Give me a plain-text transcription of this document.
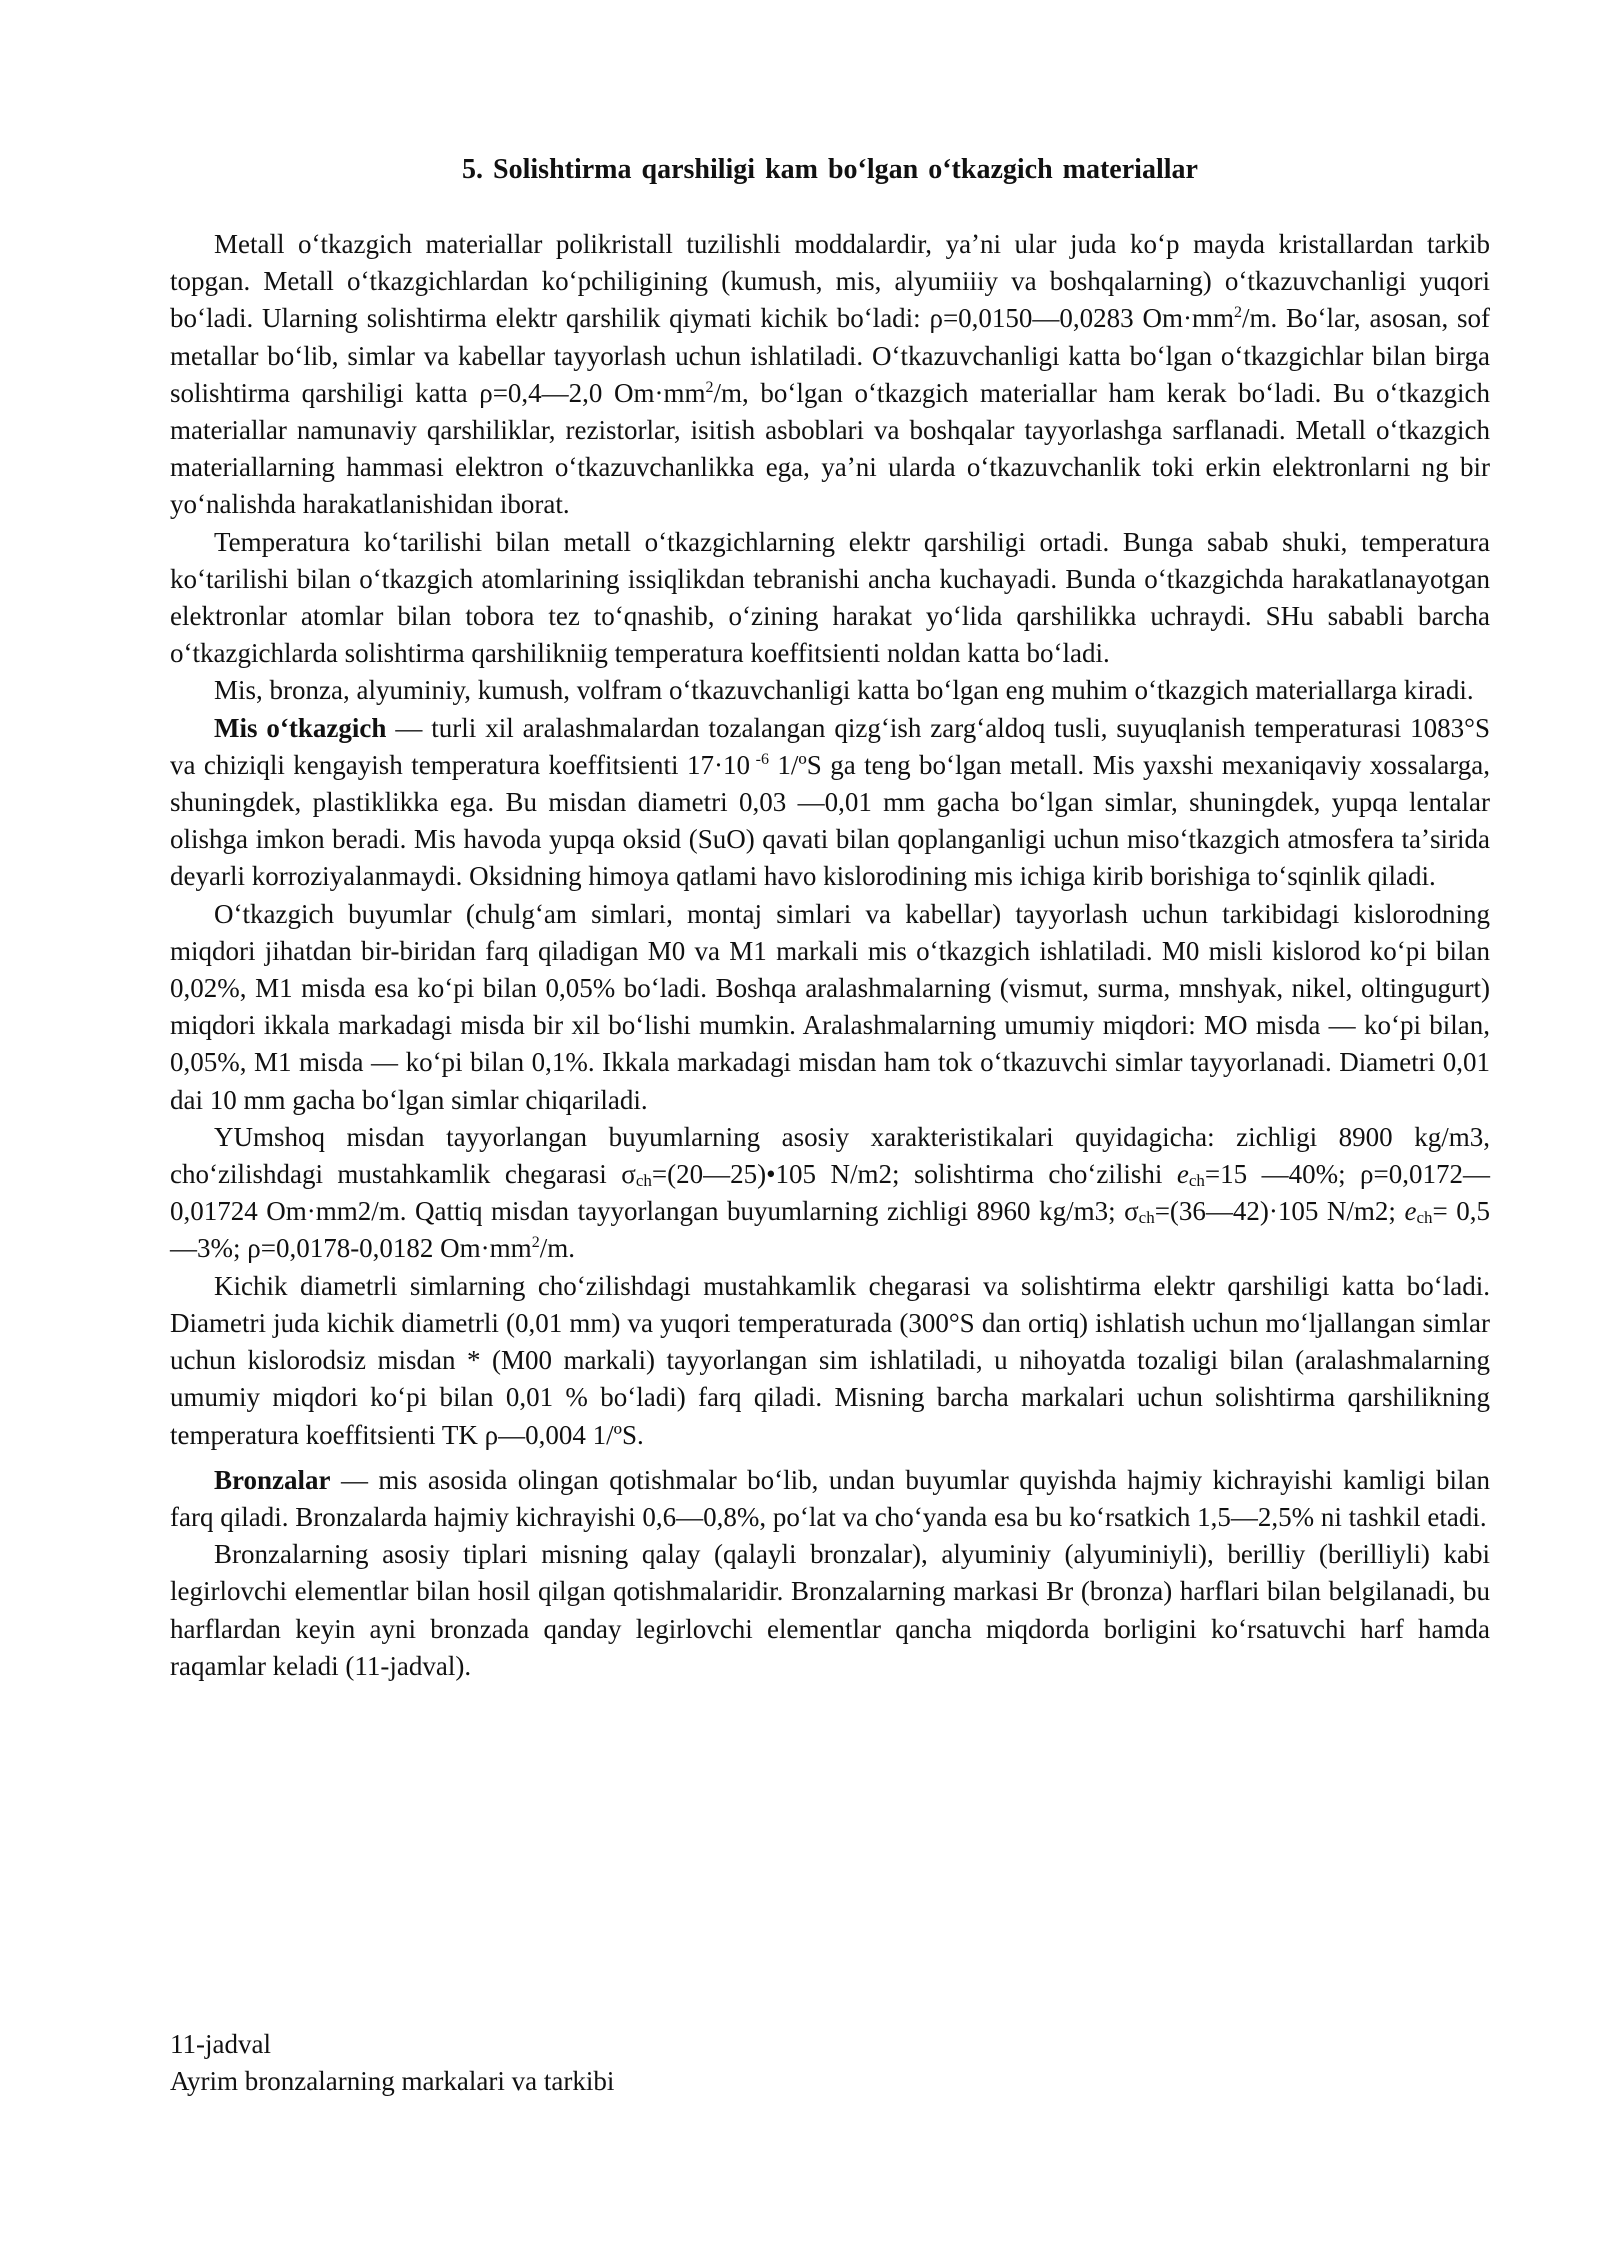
5. Solishtirma qarshiligi kam boʻlgan oʻtkazgich materiallar

Metall oʻtkazgich materiallar polikristall tuzilishli moddalardir, yaʼni ular juda koʻp mayda kristallardan tarkib topgan. Metall oʻtkazgichlardan koʻpchiligining (kumush, mis, alyumiiiy va boshqalarning) oʻtkazuvchanligi yuqori boʻladi. Ularning solishtirma elektr qarshilik qiymati kichik boʻladi: ρ=0,0150—0,0283 $Om\cdot mm^2/m$. Boʻlar, asosan, sof metallar boʻlib, simlar va kabellar tayyorlash uchun ishlatiladi. Oʻtkazuvchanligi katta boʻlgan oʻtkazgichlar bilan birga solishtirma qarshiligi katta ρ=0,4—2,0 $Om\cdot mm^2/m$, boʻlgan oʻtkazgich materiallar ham kerak boʻladi. Bu oʻtkazgich materiallar namunaviy qarshiliklar, rezistorlar, isitish asboblari va boshqalar tayyorlashga sarflanadi. Metall oʻtkazgich materiallarning hammasi elektron oʻtkazuvchanlikka ega, yaʼni ularda oʻtkazuvchanlik toki erkin elektronlarni ng bir yoʻnalishda harakatlanishidan iborat.

Temperatura koʻtarilishi bilan metall oʻtkazgichlarning elektr qarshiligi ortadi. Bunga sabab shuki, temperatura koʻtarilishi bilan oʻtkazgich atomlarining issiqlikdan tebranishi ancha kuchayadi. Bunda oʻtkazgichda harakatlanayotgan elektronlar atomlar bilan tobora tez toʻqnashib, oʻzining harakat yoʻlida qarshilikka uchraydi. SHu sababli barcha oʻtkazgichlarda solishtirma qarshilikniig temperatura koeffitsienti noldan katta boʻladi.

Mis, bronza, alyuminiy, kumush, volfram oʻtkazuvchanligi katta boʻlgan eng muhim oʻtkazgich materiallarga kiradi.

Mis oʻtkazgich — turli xil aralashmalardan tozalangan qizgʻish zargʻaldoq tusli, suyuqlanish temperaturasi 1083°S va chiziqli kengayish temperatura koeffitsienti 17·10 $^{-6}$ 1/ºS ga teng boʻlgan metall. Mis yaxshi mexaniqaviy xossalarga, shuningdek, plastiklikka ega. Bu misdan diametri 0,03 —0,01 mm gacha boʻlgan simlar, shuningdek, yupqa lentalar olishga imkon beradi. Mis havoda yupqa oksid (SuO) qavati bilan qoplanganligi uchun misoʻtkazgich atmosfera taʼsirida deyarli korroziyalanmaydi. Oksidning himoya qatlami havo kislorodining mis ichiga kirib borishiga toʻsqinlik qiladi.

Oʻtkazgich buyumlar (chulgʻam simlari, montaj simlari va kabellar) tayyorlash uchun tarkibidagi kislorodning miqdori jihatdan bir-biridan farq qiladigan M0 va M1 markali mis oʻtkazgich ishlatiladi. M0 misli kislorod koʻpi bilan 0,02%, M1 misda esa koʻpi bilan 0,05% boʻladi. Boshqa aralashmalarning (vismut, surma, mnshyak, nikel, oltingugurt) miqdori ikkala markadagi misda bir xil boʻlishi mumkin. Aralashmalarning umumiy miqdori: MO misda — koʻpi bilan, 0,05%, M1 misda — koʻpi bilan 0,1%. Ikkala markadagi misdan ham tok oʻtkazuvchi simlar tayyorlanadi. Diametri 0,01 dai 10 mm gacha boʻlgan simlar chiqariladi.

YUmshoq misdan tayyorlangan buyumlarning asosiy xarakteristikalari quyidagicha: zichligi 8900 kg/m3, choʻzilishdagi mustahkamlik chegarasi $\sigma_{ch}=(20—25)•105$ N/m2; solishtirma choʻzilishi $e_{ch}=15$ —40%; ρ=0,0172—0,01724 Om·mm2/m. Qattiq misdan tayyorlangan buyumlarning zichligi 8960 kg/m3; $\sigma_{ch}=(36—42)\cdot 105$ N/m2; $e_{ch}=$ 0,5—3%; ρ=0,0178-0,0182 $Om\cdot mm^2/m$.

Kichik diametrli simlarning choʻzilishdagi mustahkamlik chegarasi va solishtirma elektr qarshiligi katta boʻladi. Diametri juda kichik diametrli (0,01 mm) va yuqori temperaturada (300°S dan ortiq) ishlatish uchun moʻljallangan simlar uchun kislorodsiz misdan * (M00 markali) tayyorlangan sim ishlatiladi, u nihoyatda tozaligi bilan (aralashmalarning umumiy miqdori koʻpi bilan 0,01 % boʻladi) farq qiladi. Misning barcha markalari uchun solishtirma qarshilikning temperatura koeffitsienti TK ρ—0,004 1/ºS.

Bronzalar — mis asosida olingan qotishmalar boʻlib, undan buyumlar quyishda hajmiy kichrayishi kamligi bilan farq qiladi. Bronzalarda hajmiy kichrayishi 0,6—0,8%, poʻlat va choʻyanda esa bu koʻrsatkich 1,5—2,5% ni tashkil etadi.

Bronzalarning asosiy tiplari misning qalay (qalayli bronzalar), alyuminiy (alyuminiyli), berilliy (berilliyli) kabi legirlovchi elementlar bilan hosil qilgan qotishmalaridir. Bronzalarning markasi Br (bronza) harflari bilan belgilanadi, bu harflardan keyin ayni bronzada qanday legirlovchi elementlar qancha miqdorda borligini koʻrsatuvchi harf hamda raqamlar keladi (11-jadval).

11-jadval
Ayrim bronzalarning markalari va tarkibi
